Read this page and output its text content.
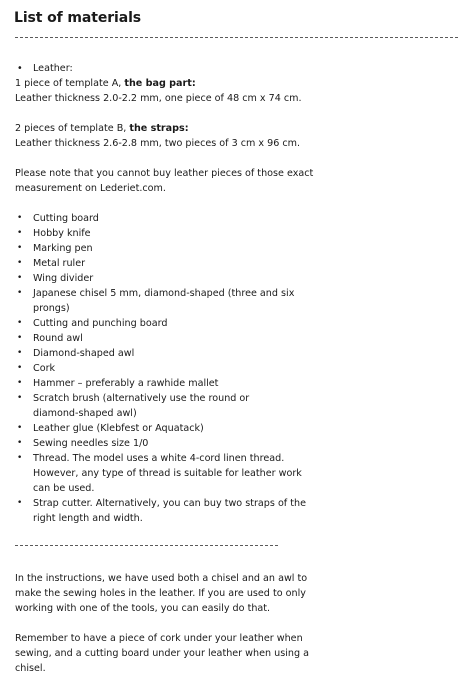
List of materials
• Leather:

1 piece of template A, the bag part:
Leather thickness 2.0-2.2 mm, one piece of 48 cm x 74 cm.

2 pieces of template B, the straps:
Leather thickness 2.6-2.8 mm, two pieces of 3 cm x 96 cm.

Please note that you cannot buy leather pieces of those exact
measurement on Lederiet.com.

• Cutting board
• Hobby knife
• Marking pen
• Metal ruler
• Wing divider
• Japanese chisel 5 mm, diamond-shaped (three and six
prongs)
• Cutting and punching board
• Round awl
• Diamond-shaped awl
• Cork
• Hammer – preferably a rawhide mallet
• Scratch brush (alternatively use the round or
diamond-shaped awl)
• Leather glue (Klebfest or Aquatack)
• Sewing needles size 1/0
• Thread. The model uses a white 4-cord linen thread.
However, any type of thread is suitable for leather work
can be used.
• Strap cutter. Alternatively, you can buy two straps of the
right length and width.

In the instructions, we have used both a chisel and an awl to
make the sewing holes in the leather. If you are used to only
working with one of the tools, you can easily do that.

Remember to have a piece of cork under your leather when
sewing, and a cutting board under your leather when using a
chisel.
